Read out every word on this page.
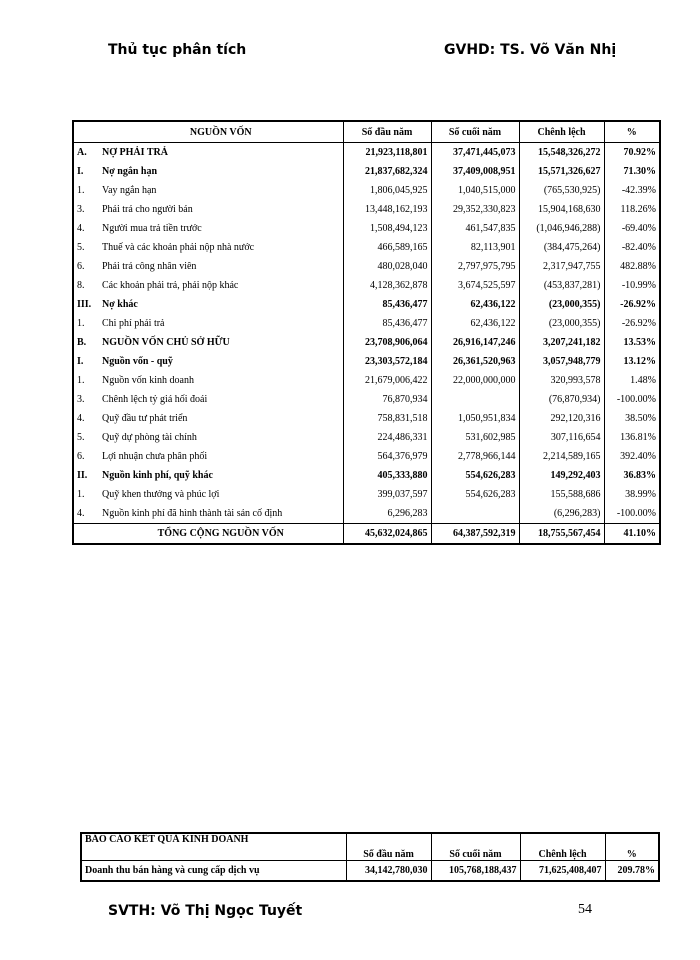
Thủ tục phân tích	GVHD: TS. Võ Văn Nhị
	NGUỒN VỐN	Số đầu năm	Số cuối năm	Chênh lệch	%
A.	NỢ PHẢI TRẢ	21,923,118,801	37,471,445,073	15,548,326,272	70.92%
I.	Nợ ngắn hạn	21,837,682,324	37,409,008,951	15,571,326,627	71.30%
1.	Vay ngắn hạn	1,806,045,925	1,040,515,000	(765,530,925)	-42.39%
3.	Phải trả cho người bán	13,448,162,193	29,352,330,823	15,904,168,630	118.26%
4.	Người mua trả tiền trước	1,508,494,123	461,547,835	(1,046,946,288)	-69.40%
5.	Thuế và các khoản phải nộp nhà nước	466,589,165	82,113,901	(384,475,264)	-82.40%
6.	Phải trả công nhân viên	480,028,040	2,797,975,795	2,317,947,755	482.88%
8.	Các khoản phải trả, phải nộp khác	4,128,362,878	3,674,525,597	(453,837,281)	-10.99%
III.	Nợ khác	85,436,477	62,436,122	(23,000,355)	-26.92%
1.	Chi phí phải trả	85,436,477	62,436,122	(23,000,355)	-26.92%
B.	NGUỒN VỐN CHỦ SỞ HỮU	23,708,906,064	26,916,147,246	3,207,241,182	13.53%
I.	Nguồn vốn - quỹ	23,303,572,184	26,361,520,963	3,057,948,779	13.12%
1.	Nguồn vốn kinh doanh	21,679,006,422	22,000,000,000	320,993,578	1.48%
3.	Chênh lệch tỷ giá hối đoái	76,870,934		(76,870,934)	-100.00%
4.	Quỹ đầu tư phát triển	758,831,518	1,050,951,834	292,120,316	38.50%
5.	Quỹ dự phòng tài chính	224,486,331	531,602,985	307,116,654	136.81%
6.	Lợi nhuận chưa phân phối	564,376,979	2,778,966,144	2,214,589,165	392.40%
II.	Nguồn kinh phí, quỹ khác	405,333,880	554,626,283	149,292,403	36.83%
1.	Quỹ khen thưởng và phúc lợi	399,037,597	554,626,283	155,588,686	38.99%
4.	Nguồn kinh phí đã hình thành tài sản cố định	6,296,283		(6,296,283)	-100.00%
	TỔNG CỘNG NGUỒN VỐN	45,632,024,865	64,387,592,319	18,755,567,454	41.10%
BÁO CÁO KẾT QUẢ KINH DOANH	Số đầu năm	Số cuối năm	Chênh lệch	%
Doanh thu bán hàng và cung cấp dịch vụ	34,142,780,030	105,768,188,437	71,625,408,407	209.78%
SVTH: Võ Thị Ngọc Tuyết	54
